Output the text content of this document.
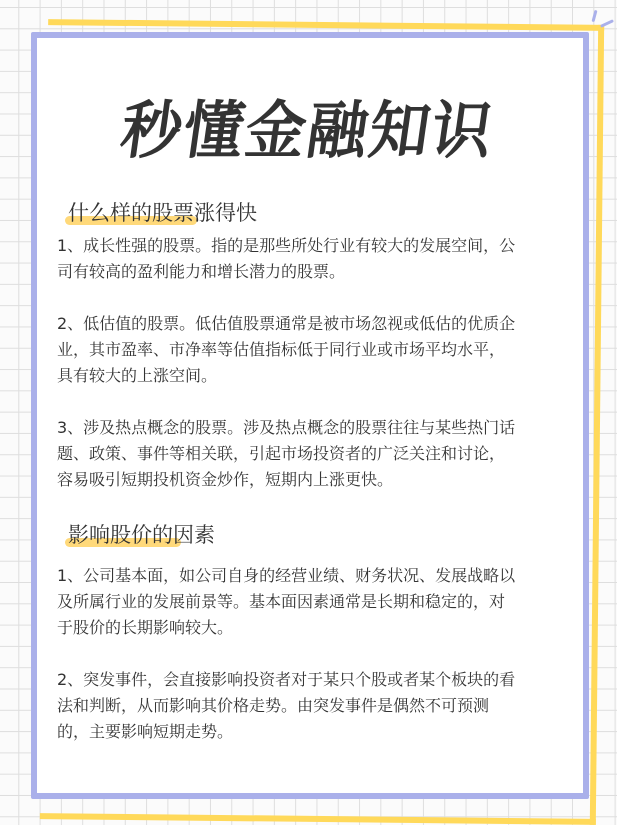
秒懂金融知识
什么样的股票涨得快
1、成长性强的股票。指的是那些所处行业有较大的发展空间，公
司有较高的盈利能力和增长潜力的股票。
2、低估值的股票。低估值股票通常是被市场忽视或低估的优质企
业，其市盈率、市净率等估值指标低于同行业或市场平均水平，
具有较大的上涨空间。
3、涉及热点概念的股票。涉及热点概念的股票往往与某些热门话
题、政策、事件等相关联，引起市场投资者的广泛关注和讨论，
容易吸引短期投机资金炒作，短期内上涨更快。
影响股价的因素
1、公司基本面，如公司自身的经营业绩、财务状况、发展战略以
及所属行业的发展前景等。基本面因素通常是长期和稳定的，对
于股价的长期影响较大。
2、突发事件，会直接影响投资者对于某只个股或者某个板块的看
法和判断，从而影响其价格走势。由突发事件是偶然不可预测
的，主要影响短期走势。
